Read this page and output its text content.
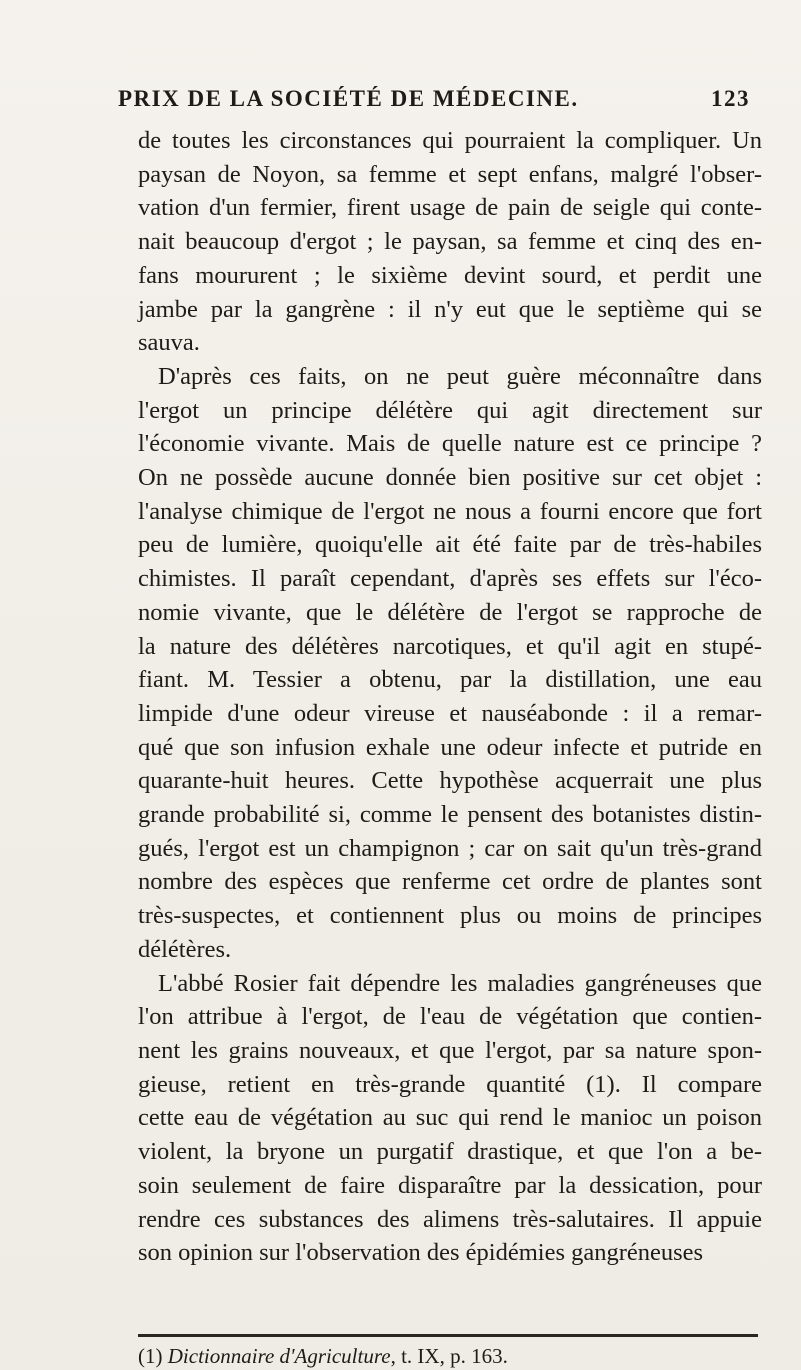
PRIX DE LA SOCIÉTÉ DE MÉDECINE.	123
de toutes les circonstances qui pourraient la compliquer. Un
paysan de Noyon, sa femme et sept enfans, malgré l'obser-
vation d'un fermier, firent usage de pain de seigle qui conte-
nait beaucoup d'ergot ; le paysan, sa femme et cinq des en-
fans moururent ; le sixième devint sourd, et perdit une
jambe par la gangrène : il n'y eut que le septième qui se
sauva.
D'après ces faits, on ne peut guère méconnaître dans
l'ergot un principe délétère qui agit directement sur
l'économie vivante. Mais de quelle nature est ce principe ?
On ne possède aucune donnée bien positive sur cet objet :
l'analyse chimique de l'ergot ne nous a fourni encore que fort
peu de lumière, quoiqu'elle ait été faite par de très-habiles
chimistes. Il paraît cependant, d'après ses effets sur l'éco-
nomie vivante, que le délétère de l'ergot se rapproche de
la nature des délétères narcotiques, et qu'il agit en stupé-
fiant. M. Tessier a obtenu, par la distillation, une eau
limpide d'une odeur vireuse et nauséabonde : il a remar-
qué que son infusion exhale une odeur infecte et putride en
quarante-huit heures. Cette hypothèse acquerrait une plus
grande probabilité si, comme le pensent des botanistes distin-
gués, l'ergot est un champignon ; car on sait qu'un très-grand
nombre des espèces que renferme cet ordre de plantes sont
très-suspectes, et contiennent plus ou moins de principes
délétères.
L'abbé Rosier fait dépendre les maladies gangréneuses que
l'on attribue à l'ergot, de l'eau de végétation que contien-
nent les grains nouveaux, et que l'ergot, par sa nature spon-
gieuse, retient en très-grande quantité (1). Il compare
cette eau de végétation au suc qui rend le manioc un poison
violent, la bryone un purgatif drastique, et que l'on a be-
soin seulement de faire disparaître par la dessication, pour
rendre ces substances des alimens très-salutaires. Il appuie
son opinion sur l'observation des épidémies gangréneuses
(1) Dictionnaire d'Agriculture, t. IX, p. 163.
